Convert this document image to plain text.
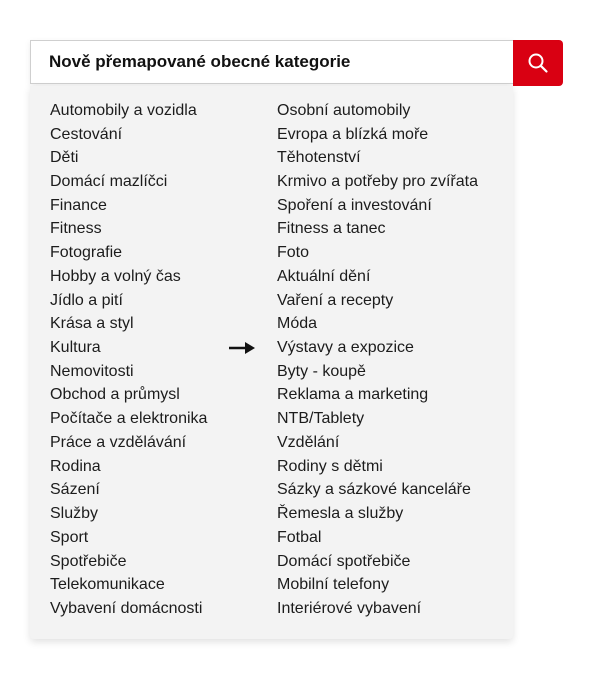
Nově přemapované obecné kategorie
Automobily a vozidla	Osobní automobily
Cestování	Evropa a blízká moře
Děti	Těhotenství
Domácí mazlíčci	Krmivo a potřeby pro zvířata
Finance	Spoření a investování
Fitness	Fitness a tanec
Fotografie	Foto
Hobby a volný čas	Aktuální dění
Jídlo a pití	Vaření a recepty
Krása a styl	Móda
Kultura	Výstavy a expozice
Nemovitosti	Byty - koupě
Obchod a průmysl	Reklama a marketing
Počítače a elektronika	NTB/Tablety
Práce a vzdělávání	Vzdělání
Rodina	Rodiny s dětmi
Sázení	Sázky a sázkové kanceláře
Služby	Řemesla a služby
Sport	Fotbal
Spotřebiče	Domácí spotřebiče
Telekomunikace	Mobilní telefony
Vybavení domácnosti	Interiérové vybavení
